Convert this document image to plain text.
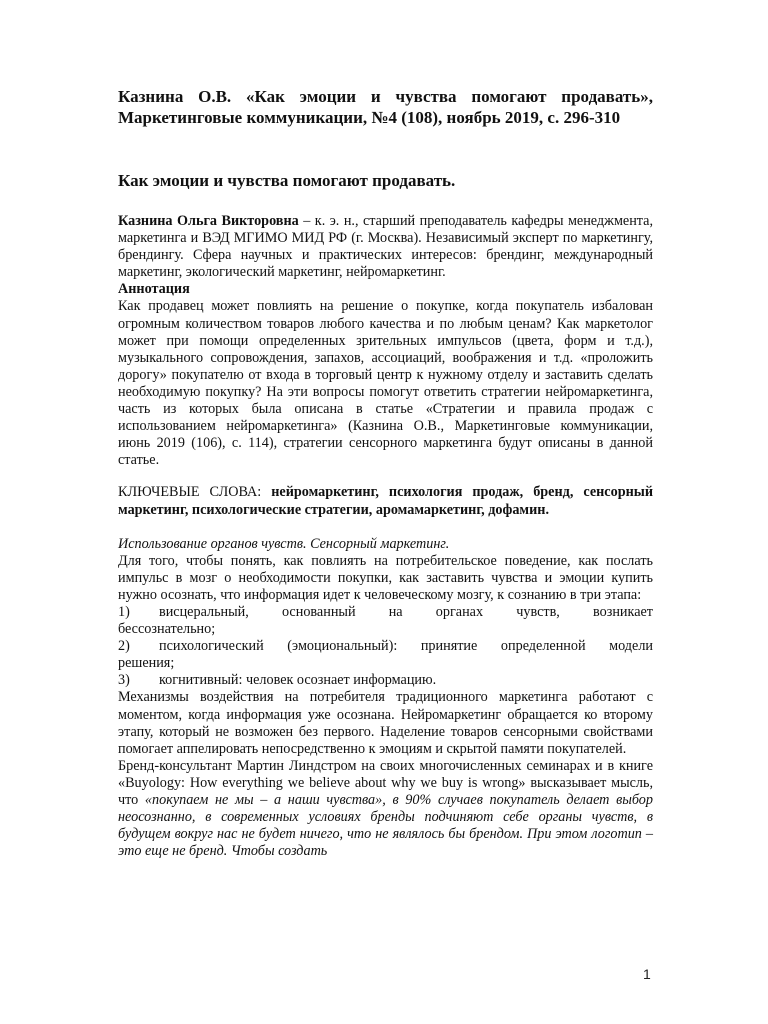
Казнина О.В. «Как эмоции и чувства помогают продавать», Маркетинговые коммуникации, №4 (108), ноябрь 2019, с. 296-310

Как эмоции и чувства помогают продавать.

Казнина Ольга Викторовна – к. э. н., старший преподаватель кафедры менеджмента, маркетинга и ВЭД МГИМО МИД РФ (г. Москва). Независимый эксперт по маркетингу, брендингу. Сфера научных и практических интересов: брендинг, международный маркетинг, экологический маркетинг, нейромаркетинг.

Аннотация

Как продавец может повлиять на решение о покупке, когда покупатель избалован огромным количеством товаров любого качества и по любым ценам? Как маркетолог может при помощи определенных зрительных импульсов (цвета, форм и т.д.), музыкального сопровождения, запахов, ассоциаций, воображения и т.д. «проложить дорогу» покупателю от входа в торговый центр к нужному отделу и заставить сделать необходимую покупку? На эти вопросы помогут ответить стратегии нейромаркетинга, часть из которых была описана в статье «Стратегии и правила продаж с использованием нейромаркетинга» (Казнина О.В., Маркетинговые коммуникации, июнь 2019 (106), с. 114), стратегии сенсорного маркетинга будут описаны в данной статье.

КЛЮЧЕВЫЕ СЛОВА: нейромаркетинг, психология продаж, бренд, сенсорный маркетинг, психологические стратегии, аромамаркетинг, дофамин.

Использование органов чувств. Сенсорный маркетинг.

Для того, чтобы понять, как повлиять на потребительское поведение, как послать импульс в мозг о необходимости покупки, как заставить чувства и эмоции купить нужно осознать, что информация идет к человеческому мозгу, к сознанию в три этапа:

1)	висцеральный, основанный на органах чувств, возникает

бессознательно;

2)	психологический (эмоциональный): принятие определенной модели

решения;

3)	когнитивный: человек осознает информацию.

Механизмы воздействия на потребителя традиционного маркетинга работают с моментом, когда информация уже осознана. Нейромаркетинг обращается ко второму этапу, который не возможен без первого. Наделение товаров сенсорными свойствами помогает аппелировать непосредственно к эмоциям и скрытой памяти покупателей.

Бренд-консультант Мартин Линдстром на своих многочисленных семинарах и в книге «Buyology: How everything we believe about why we buy is wrong» высказывает мысль, что «покупаем не мы – а наши чувства», в 90% случаев покупатель делает выбор неосознанно, в современных условиях бренды подчиняют себе органы чувств, в будущем вокруг нас не будет ничего, что не являлось бы брендом. При этом логотип – это еще не бренд. Чтобы создать

1
